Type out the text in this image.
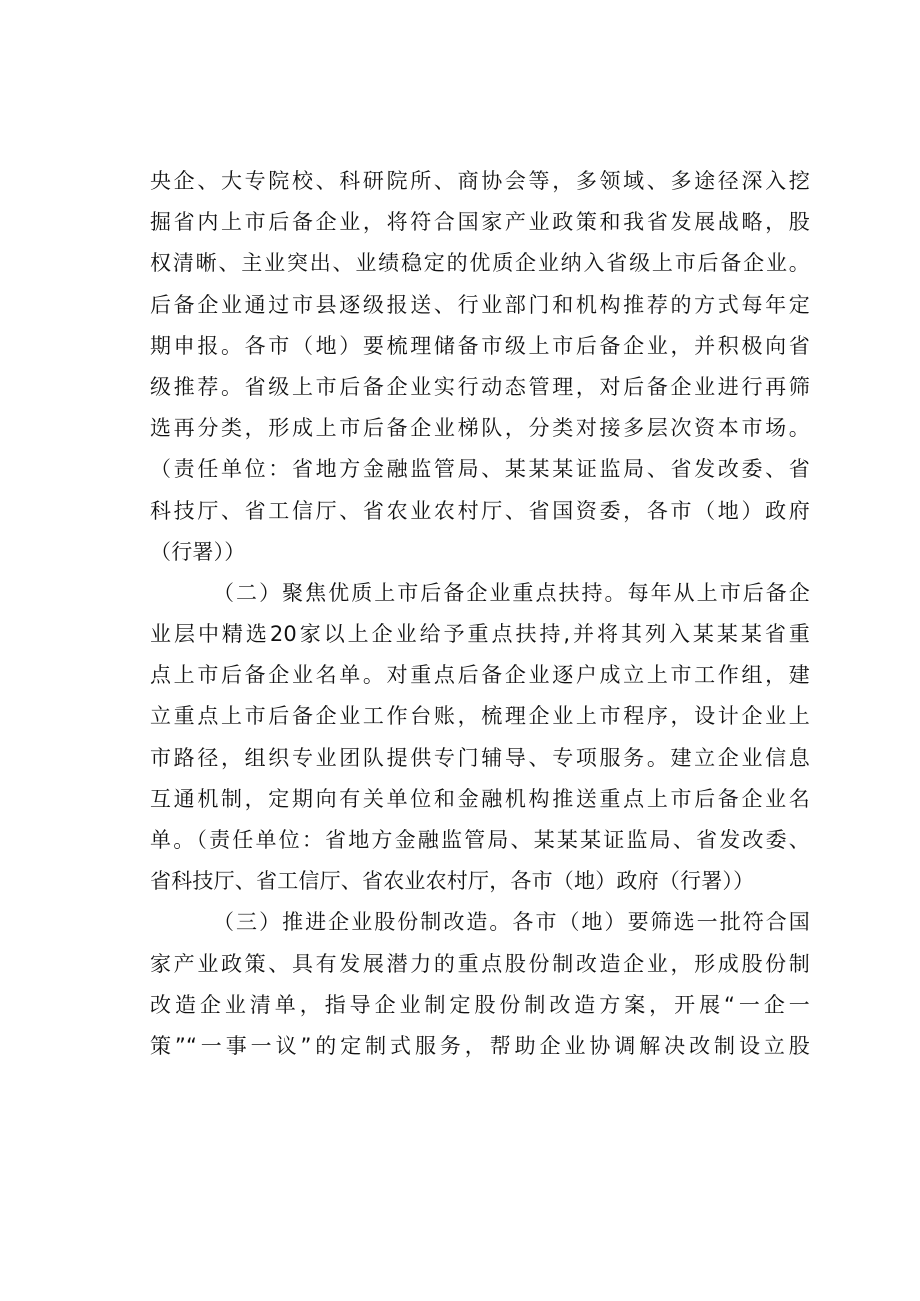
央企、大专院校、科研院所、商协会等，多领域、多途径深入挖
掘省内上市后备企业，将符合国家产业政策和我省发展战略，股
权清晰、主业突出、业绩稳定的优质企业纳入省级上市后备企业。
后备企业通过市县逐级报送、行业部门和机构推荐的方式每年定
期申报。各市（地）要梳理储备市级上市后备企业，并积极向省
级推荐。省级上市后备企业实行动态管理，对后备企业进行再筛
选再分类，形成上市后备企业梯队，分类对接多层次资本市场。
（责任单位：省地方金融监管局、某某某证监局、省发改委、省
科技厅、省工信厅、省农业农村厅、省国资委，各市（地）政府
（行署））
（二）聚焦优质上市后备企业重点扶持。每年从上市后备企
业层中精选20家以上企业给予重点扶持,并将其列入某某某省重
点上市后备企业名单。对重点后备企业逐户成立上市工作组，建
立重点上市后备企业工作台账，梳理企业上市程序，设计企业上
市路径，组织专业团队提供专门辅导、专项服务。建立企业信息
互通机制，定期向有关单位和金融机构推送重点上市后备企业名
单。（责任单位：省地方金融监管局、某某某证监局、省发改委、
省科技厅、省工信厅、省农业农村厅，各市（地）政府（行署））
（三）推进企业股份制改造。各市（地）要筛选一批符合国
家产业政策、具有发展潜力的重点股份制改造企业，形成股份制
改造企业清单，指导企业制定股份制改造方案，开展“一企一
策”“一事一议”的定制式服务，帮助企业协调解决改制设立股
